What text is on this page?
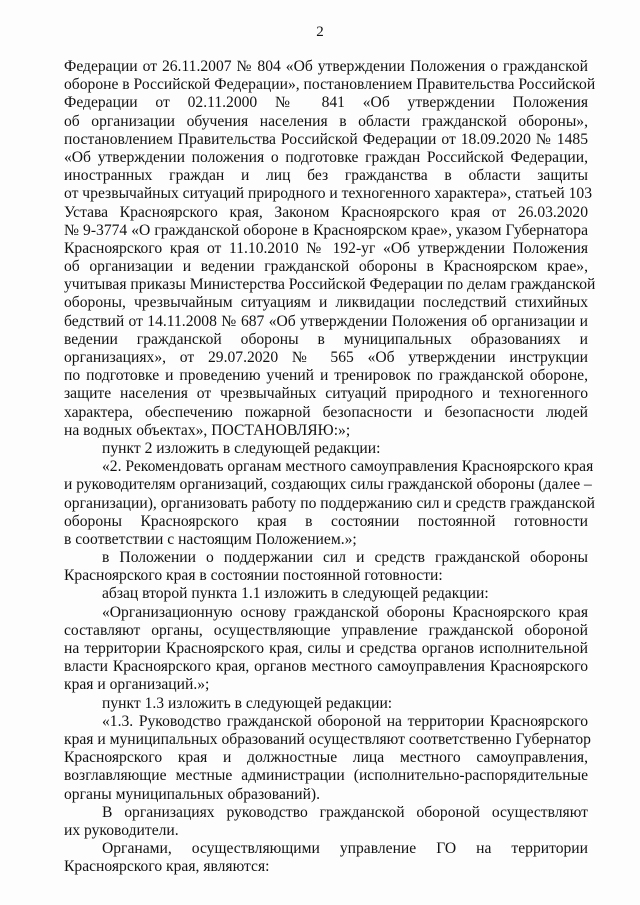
2
Федерации от 26.11.2007 № 804 «Об утверждении Положения о гражданской
обороне в Российской Федерации», постановлением Правительства Российской
Федерации от 02.11.2000 № 841 «Об утверждении Положения
об организации обучения населения в области гражданской обороны»,
постановлением Правительства Российской Федерации от 18.09.2020 № 1485
«Об утверждении положения о подготовке граждан Российской Федерации,
иностранных граждан и лиц без гражданства в области защиты
от чрезвычайных ситуаций природного и техногенного характера», статьей 103
Устава Красноярского края, Законом Красноярского края от 26.03.2020
№ 9-3774 «О гражданской обороне в Красноярском крае», указом Губернатора
Красноярского края от 11.10.2010 № 192-уг «Об утверждении Положения
об организации и ведении гражданской обороны в Красноярском крае»,
учитывая приказы Министерства Российской Федерации по делам гражданской
обороны, чрезвычайным ситуациям и ликвидации последствий стихийных
бедствий от 14.11.2008 № 687 «Об утверждении Положения об организации и
ведении гражданской обороны в муниципальных образованиях и
организациях», от 29.07.2020 № 565 «Об утверждении инструкции
по подготовке и проведению учений и тренировок по гражданской обороне,
защите населения от чрезвычайных ситуаций природного и техногенного
характера, обеспечению пожарной безопасности и безопасности людей
на водных объектах», ПОСТАНОВЛЯЮ:»;
пункт 2 изложить в следующей редакции:
«2. Рекомендовать органам местного самоуправления Красноярского края
и руководителям организаций, создающих силы гражданской обороны (далее –
организации), организовать работу по поддержанию сил и средств гражданской
обороны Красноярского края в состоянии постоянной готовности
в соответствии с настоящим Положением.»;
в Положении о поддержании сил и средств гражданской обороны
Красноярского края в состоянии постоянной готовности:
абзац второй пункта 1.1 изложить в следующей редакции:
«Организационную основу гражданской обороны Красноярского края
составляют органы, осуществляющие управление гражданской обороной
на территории Красноярского края, силы и средства органов исполнительной
власти Красноярского края, органов местного самоуправления Красноярского
края и организаций.»;
пункт 1.3 изложить в следующей редакции:
«1.3. Руководство гражданской обороной на территории Красноярского
края и муниципальных образований осуществляют соответственно Губернатор
Красноярского края и должностные лица местного самоуправления,
возглавляющие местные администрации (исполнительно-распорядительные
органы муниципальных образований).
В организациях руководство гражданской обороной осуществляют
их руководители.
Органами, осуществляющими управление ГО на территории
Красноярского края, являются:
